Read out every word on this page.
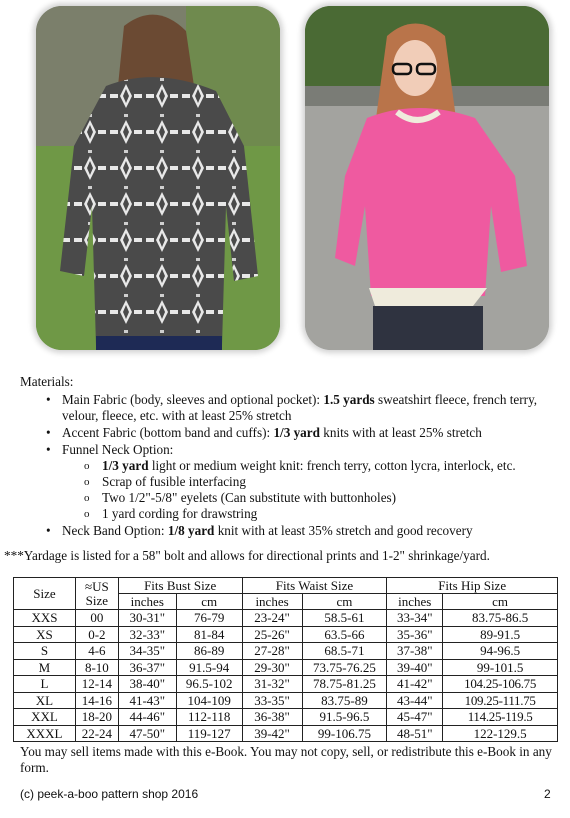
Materials:

• Main Fabric (body, sleeves and optional pocket): 1.5 yards sweatshirt fleece, french terry, velour, fleece, etc. with at least 25% stretch
• Accent Fabric (bottom band and cuffs): 1/3 yard knits with at least 25% stretch
• Funnel Neck Option:
o 1/3 yard light or medium weight knit: french terry, cotton lycra, interlock, etc.
o Scrap of fusible interfacing
o Two 1/2"-5/8" eyelets (Can substitute with buttonholes)
o 1 yard cording for drawstring
• Neck Band Option: 1/8 yard knit with at least 35% stretch and good recovery
***Yardage is listed for a 58" bolt and allows for directional prints and 1-2" shrinkage/yard.
Size	≈US Size	Fits Bust Size		Fits Waist Size		Fits Hip Size	
		inches	cm	inches	cm	inches	cm
XXS	00	30-31"	76-79	23-24"	58.5-61	33-34"	83.75-86.5
XS	0-2	32-33"	81-84	25-26"	63.5-66	35-36"	89-91.5
S	4-6	34-35"	86-89	27-28"	68.5-71	37-38"	94-96.5
M	8-10	36-37"	91.5-94	29-30"	73.75-76.25	39-40"	99-101.5
L	12-14	38-40"	96.5-102	31-32"	78.75-81.25	41-42"	104.25-106.75
XL	14-16	41-43"	104-109	33-35"	83.75-89	43-44"	109.25-111.75
XXL	18-20	44-46"	112-118	36-38"	91.5-96.5	45-47"	114.25-119.5
XXXL	22-24	47-50"	119-127	39-42"	99-106.75	48-51"	122-129.5
You may sell items made with this e-Book. You may not copy, sell, or redistribute this e-Book in any form.
(c) peek-a-boo pattern shop 2016	2
